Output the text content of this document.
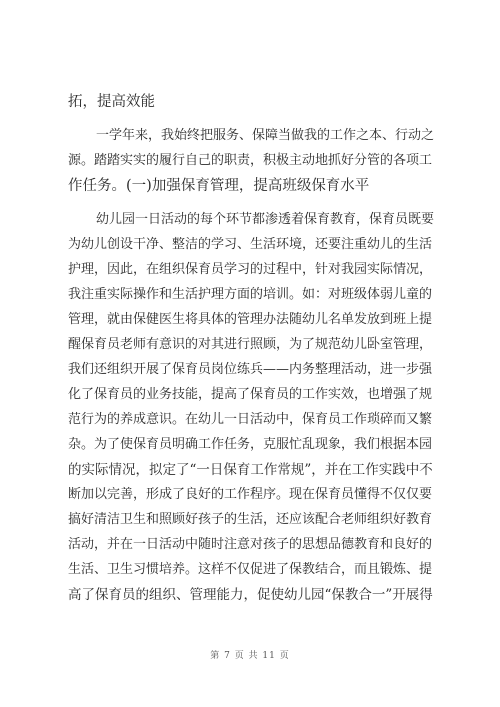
拓，提高效能
一学年来，我始终把服务、保障当做我的工作之本、行动之
源。踏踏实实的履行自己的职责，积极主动地抓好分管的各项工
作任务。(一)加强保育管理，提高班级保育水平
幼儿园一日活动的每个环节都渗透着保育教育，保育员既要
为幼儿创设干净、整洁的学习、生活环境，还要注重幼儿的生活
护理，因此，在组织保育员学习的过程中，针对我园实际情况，
我注重实际操作和生活护理方面的培训。如：对班级体弱儿童的
管理，就由保健医生将具体的管理办法随幼儿名单发放到班上提
醒保育员老师有意识的对其进行照顾，为了规范幼儿卧室管理，
我们还组织开展了保育员岗位练兵——内务整理活动，进一步强
化了保育员的业务技能，提高了保育员的工作实效，也增强了规
范行为的养成意识。在幼儿一日活动中，保育员工作琐碎而又繁
杂。为了使保育员明确工作任务，克服忙乱现象，我们根据本园
的实际情况，拟定了“一日保育工作常规”，并在工作实践中不
断加以完善，形成了良好的工作程序。现在保育员懂得不仅仅要
搞好清洁卫生和照顾好孩子的生活，还应该配合老师组织好教育
活动，并在一日活动中随时注意对孩子的思想品德教育和良好的
生活、卫生习惯培养。这样不仅促进了保教结合，而且锻炼、提
高了保育员的组织、管理能力，促使幼儿园“保教合一”开展得
第 7 页 共 11 页
